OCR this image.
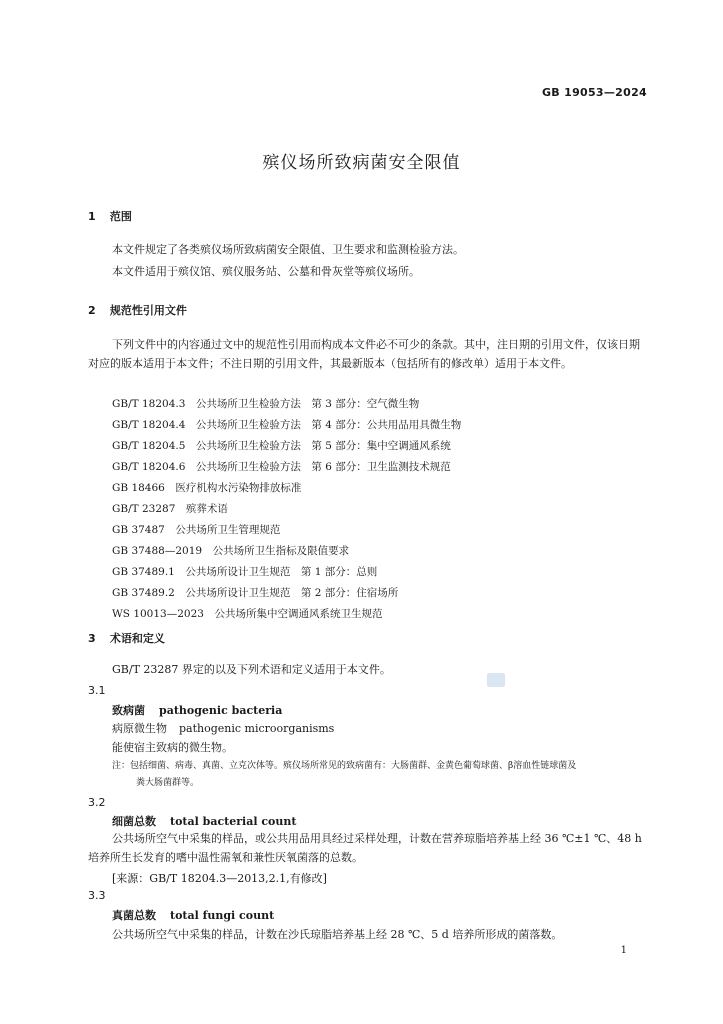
GB 19053—2024
殡仪场所致病菌安全限值
1 范围
本文件规定了各类殡仪场所致病菌安全限值、卫生要求和监测检验方法。
本文件适用于殡仪馆、殡仪服务站、公墓和骨灰堂等殡仪场所。
2 规范性引用文件
下列文件中的内容通过文中的规范性引用而构成本文件必不可少的条款。其中，注日期的引用文件，仅该日期对应的版本适用于本文件；不注日期的引用文件，其最新版本（包括所有的修改单）适用于本文件。
GB/T 18204.3　公共场所卫生检验方法　第 3 部分：空气微生物
GB/T 18204.4　公共场所卫生检验方法　第 4 部分：公共用品用具微生物
GB/T 18204.5　公共场所卫生检验方法　第 5 部分：集中空调通风系统
GB/T 18204.6　公共场所卫生检验方法　第 6 部分：卫生监测技术规范
GB 18466　医疗机构水污染物排放标准
GB/T 23287　殡葬术语
GB 37487　公共场所卫生管理规范
GB 37488—2019　公共场所卫生指标及限值要求
GB 37489.1　公共场所设计卫生规范　第 1 部分：总则
GB 37489.2　公共场所设计卫生规范　第 2 部分：住宿场所
WS 10013—2023　公共场所集中空调通风系统卫生规范
3 术语和定义
GB/T 23287 界定的以及下列术语和定义适用于本文件。
3.1
致病菌 pathogenic bacteria
病原微生物 pathogenic microorganisms
能使宿主致病的微生物。
注：包括细菌、病毒、真菌、立克次体等。殡仪场所常见的致病菌有：大肠菌群、金黄色葡萄球菌、β溶血性链球菌及
粪大肠菌群等。
3.2
细菌总数 total bacterial count
公共场所空气中采集的样品，或公共用品用具经过采样处理，计数在营养琼脂培养基上经 36 ℃±1 ℃、48 h 培养所生长发育的嗜中温性需氧和兼性厌氧菌落的总数。
[来源：GB/T 18204.3—2013,2.1,有修改]
3.3
真菌总数 total fungi count
公共场所空气中采集的样品，计数在沙氏琼脂培养基上经 28 ℃、5 d 培养所形成的菌落数。
1
